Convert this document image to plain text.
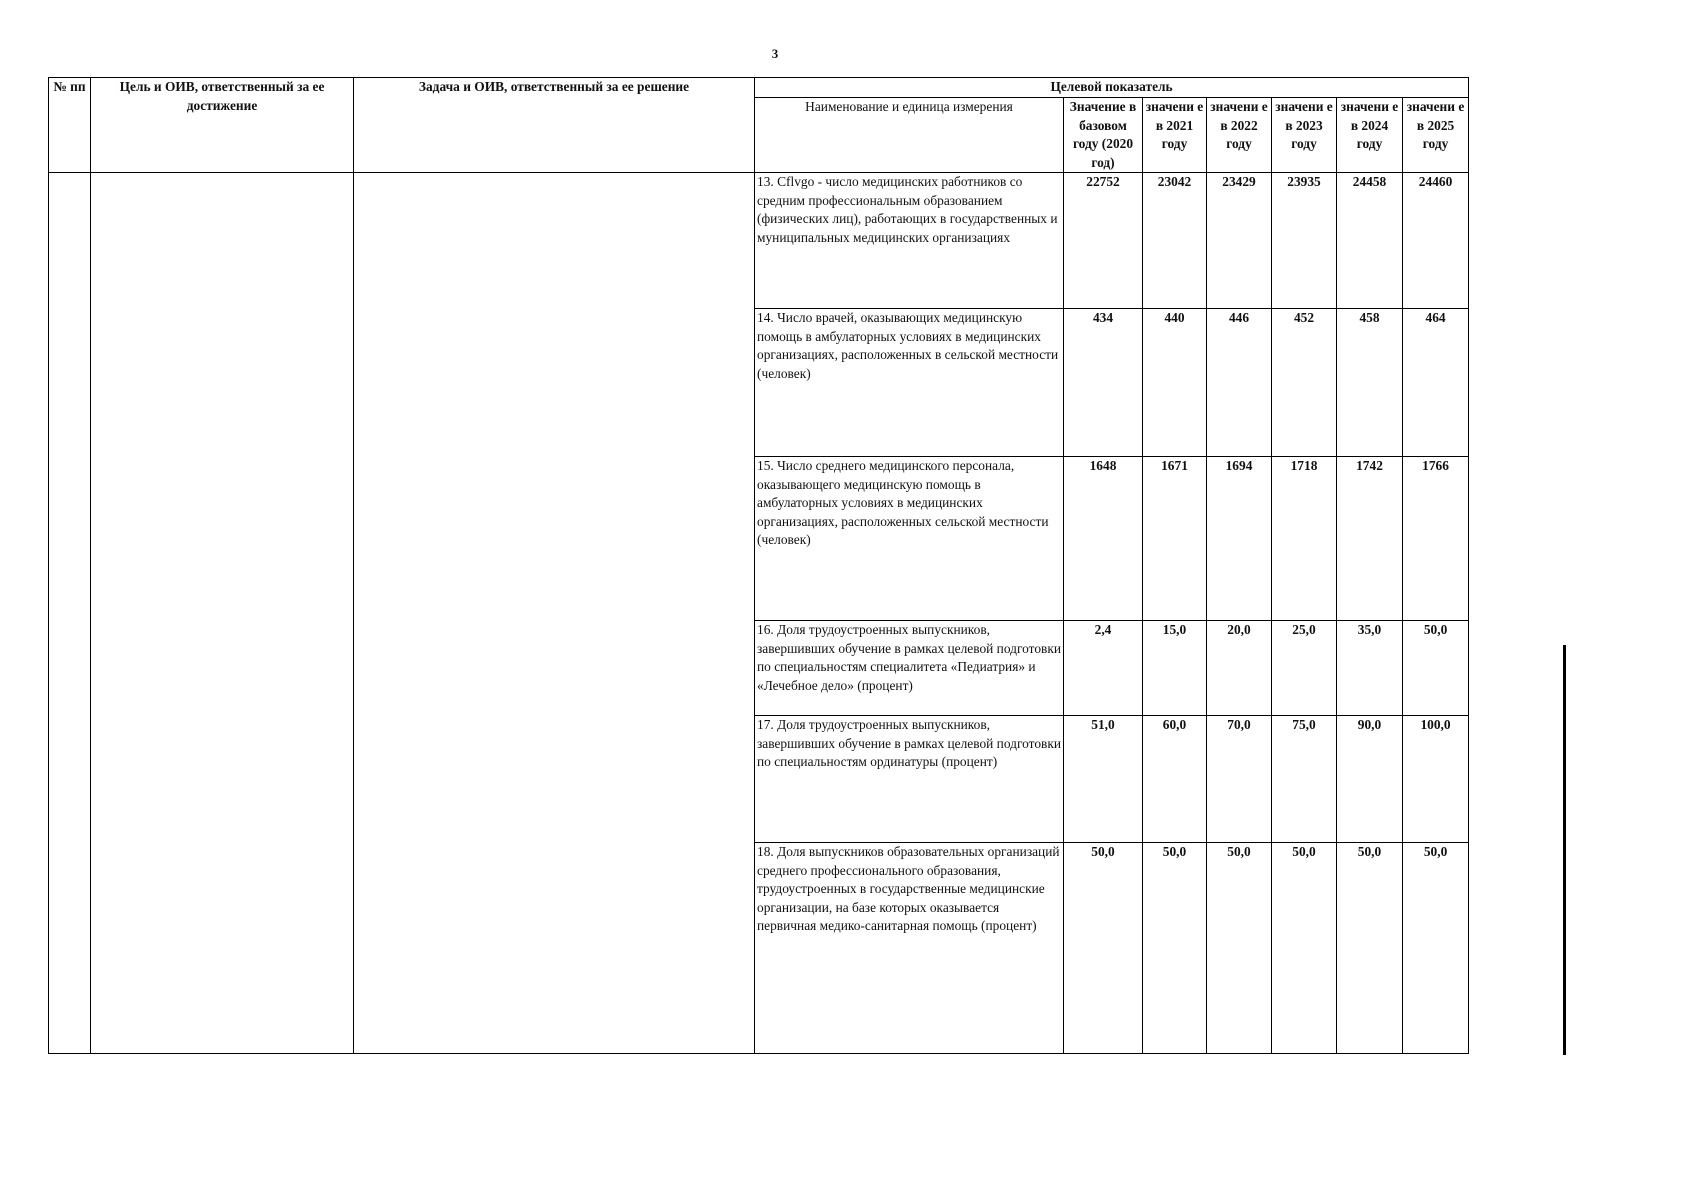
3
№ пп	Цель и ОИВ, ответственный за ее достижение	Задача и ОИВ, ответственный за ее решение	Целевой показатель						
			Наименование и единица измерения	Значение в базовом году (2020 год)	значени е в 2021 году	значени е в 2022 году	значени е в 2023 году	значени е в 2024 году	значени е в 2025 году
			13. Cflvgo - число медицинских работников со средним профессиональным образованием (физических лиц), работающих в государственных и муниципальных медицинских организациях	22752	23042	23429	23935	24458	24460
			14. Число врачей, оказывающих медицинскую помощь в амбулаторных условиях в медицинских организациях, расположенных в сельской местности (человек)	434	440	446	452	458	464
			15. Число среднего медицинского персонала, оказывающего медицинскую помощь в амбулаторных условиях в медицинских организациях, расположенных сельской местности (человек)	1648	1671	1694	1718	1742	1766
			16. Доля трудоустроенных выпускников, завершивших обучение в рамках целевой подготовки по специальностям специалитета «Педиатрия» и «Лечебное дело» (процент)	2,4	15,0	20,0	25,0	35,0	50,0
			17. Доля трудоустроенных выпускников, завершивших обучение в рамках целевой подготовки по специальностям ординатуры (процент)	51,0	60,0	70,0	75,0	90,0	100,0
			18. Доля выпускников образовательных организаций среднего профессионального образования, трудоустроенных в государственные медицинские организации, на базе которых оказывается первичная медико-санитарная помощь (процент)	50,0	50,0	50,0	50,0	50,0	50,0
